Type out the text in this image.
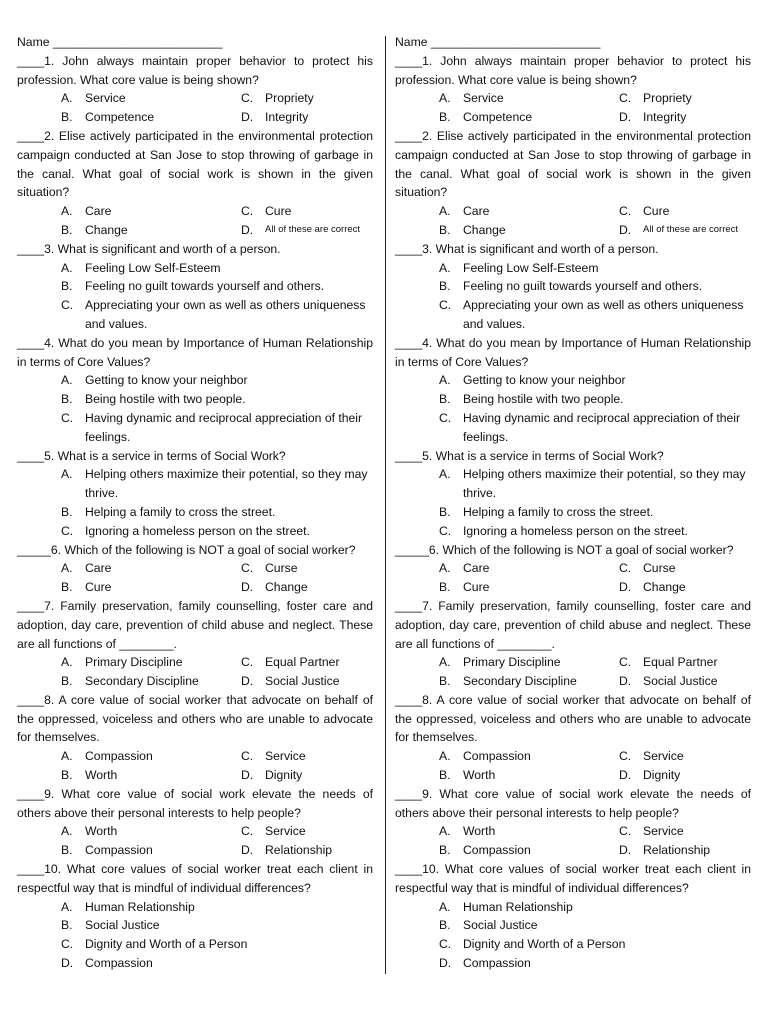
Name _________________________
____1. John always maintain proper behavior to protect his profession. What core value is being shown?
A.	Service	C. Propriety
B.	Competence	D. Integrity
____2. Elise actively participated in the environmental protection campaign conducted at San Jose to stop throwing of garbage in the canal. What goal of social work is shown in the given situation?
A.	Care	C. Cure
B.	Change	D.	All of these are correct
____3. What is significant and worth of a person.
A.	Feeling Low Self-Esteem
B.	Feeling no guilt towards yourself and others.
C. Appreciating your own as well as others uniqueness and values.
____4. What do you mean by Importance of Human Relationship in terms of Core Values?
A.	Getting to know your neighbor
B.	Being hostile with two people.
C. Having dynamic and reciprocal appreciation of their feelings.
____5. What is a service in terms of Social Work?
A.	Helping others maximize their potential, so they may thrive.
B.	Helping a family to cross the street.
C. Ignoring a homeless person on the street.
_____6. Which of the following is NOT a goal of social worker?
A.	Care	C. Curse
B.	Cure	D. Change
____7. Family preservation, family counselling, foster care and adoption, day care, prevention of child abuse and neglect. These are all functions of ________.
A.	Primary Discipline	C. Equal Partner
B.	Secondary Discipline	D. Social Justice
____8. A core value of social worker that advocate on behalf of the oppressed, voiceless and others who are unable to advocate for themselves.
A.	Compassion	C. Service
B.	Worth	D. Dignity
____9. What core value of social work elevate the needs of others above their personal interests to help people?
A.	Worth	C. Service
B.	Compassion	D. Relationship
____10. What core values of social worker treat each client in respectful way that is mindful of individual differences?
A.	Human Relationship
B.	Social Justice
C. Dignity and Worth of a Person
D. Compassion
Name _________________________
____1. John always maintain proper behavior to protect his profession. What core value is being shown?
A.	Service	C. Propriety
B.	Competence	D. Integrity
____2. Elise actively participated in the environmental protection campaign conducted at San Jose to stop throwing of garbage in the canal. What goal of social work is shown in the given situation?
A.	Care	C. Cure
B.	Change	D.	All of these are correct
____3. What is significant and worth of a person.
A.	Feeling Low Self-Esteem
B.	Feeling no guilt towards yourself and others.
C. Appreciating your own as well as others uniqueness and values.
____4. What do you mean by Importance of Human Relationship in terms of Core Values?
A.	Getting to know your neighbor
B.	Being hostile with two people.
C. Having dynamic and reciprocal appreciation of their feelings.
____5. What is a service in terms of Social Work?
A.	Helping others maximize their potential, so they may thrive.
B.	Helping a family to cross the street.
C. Ignoring a homeless person on the street.
_____6. Which of the following is NOT a goal of social worker?
A.	Care	C. Curse
B.	Cure	D. Change
____7. Family preservation, family counselling, foster care and adoption, day care, prevention of child abuse and neglect. These are all functions of ________.
A.	Primary Discipline	C. Equal Partner
B.	Secondary Discipline	D. Social Justice
____8. A core value of social worker that advocate on behalf of the oppressed, voiceless and others who are unable to advocate for themselves.
A.	Compassion	C. Service
B.	Worth	D. Dignity
____9. What core value of social work elevate the needs of others above their personal interests to help people?
A.	Worth	C. Service
B.	Compassion	D. Relationship
____10. What core values of social worker treat each client in respectful way that is mindful of individual differences?
A.	Human Relationship
B.	Social Justice
C. Dignity and Worth of a Person
D. Compassion
